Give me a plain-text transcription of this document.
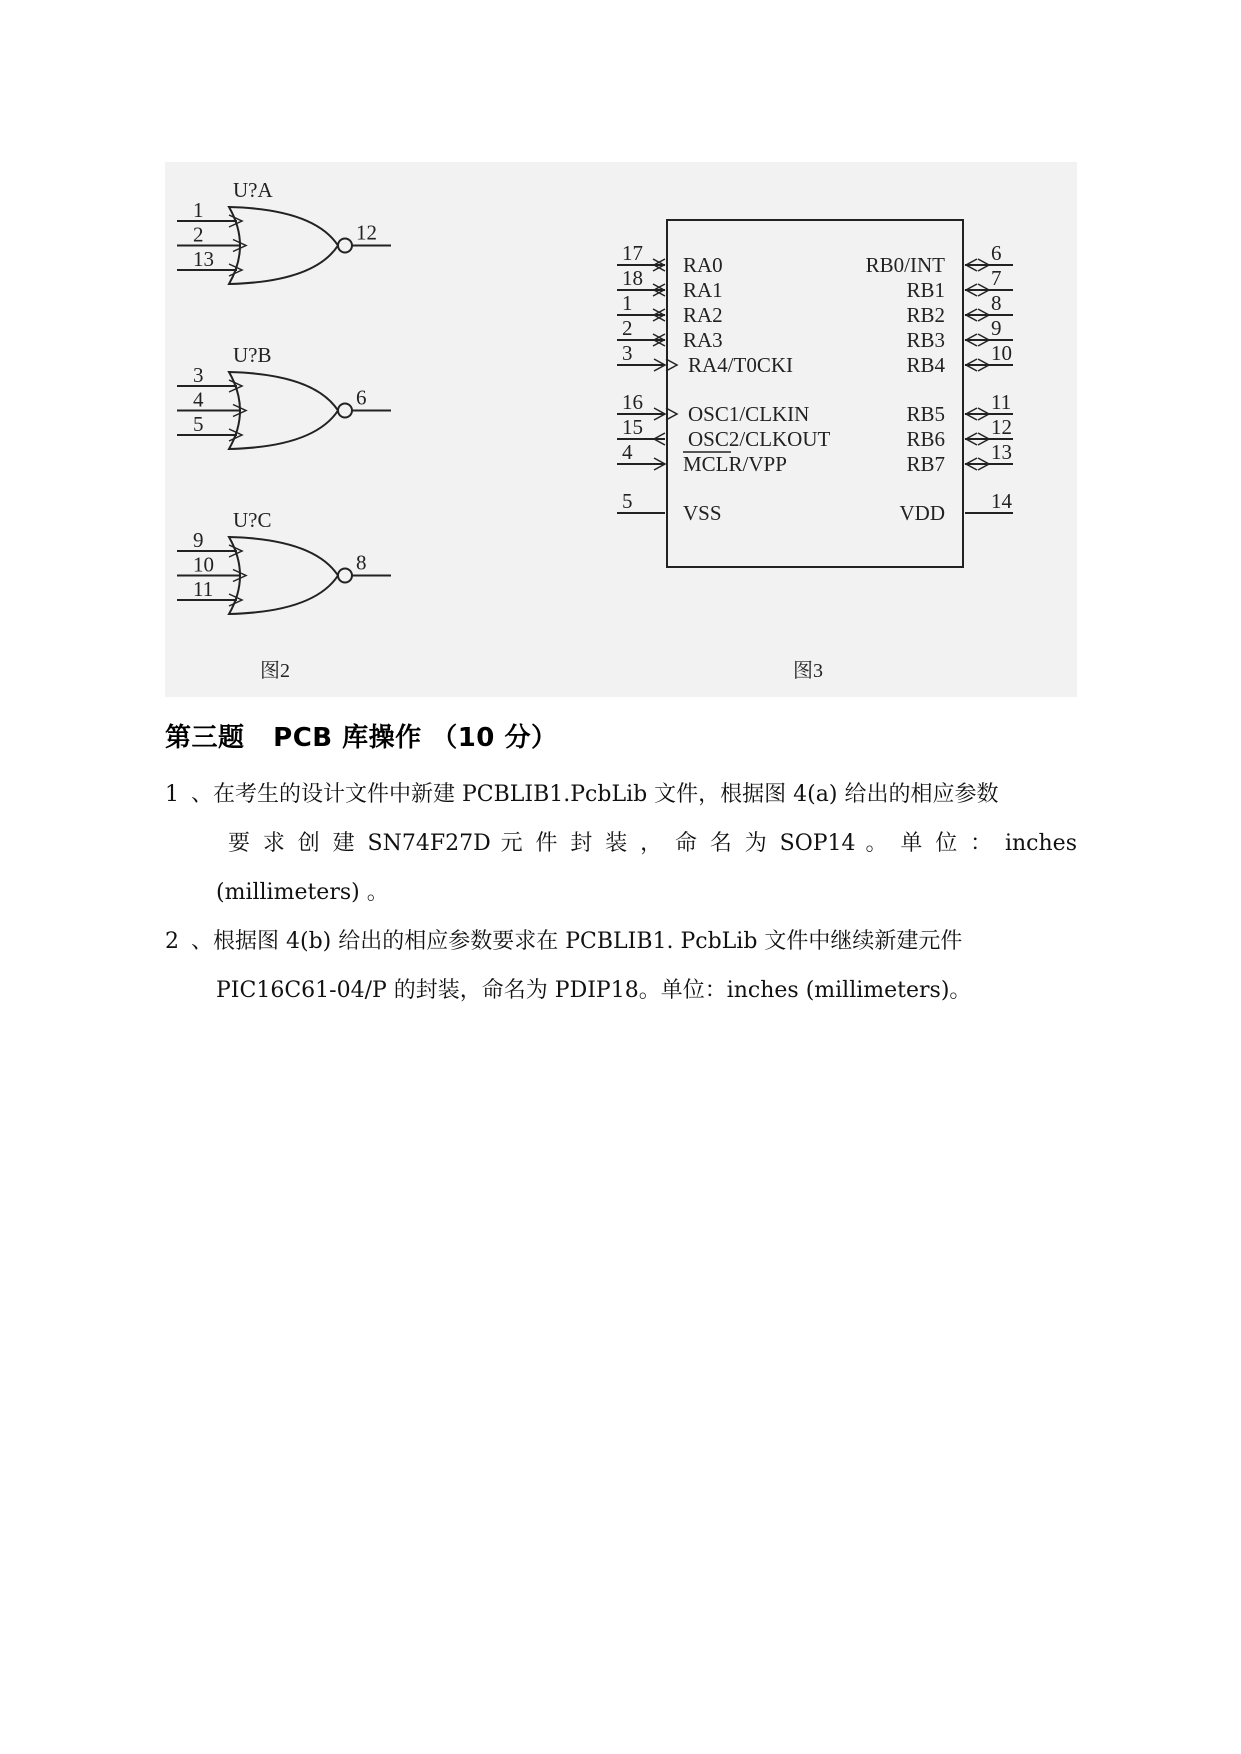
U?A
12
1
2
13
U?B
6
3
4
5
U?C
8
9
10
11
图2
17 RA0
18 RA1
1 RA2
2 RA3
3	RA4/T0CKI
16 OSC1/CLKIN
15 OSC2/CLKOUT
4 MCLR/VPP
5 VSS
6
RB0/INT
7
RB1
8
RB2
9
RB3
10
RB4
11
RB5
12
RB6
13
RB7
14
VDD
图3
第三题   PCB 库操作 （10 分）
1 、在考生的设计文件中新建 PCBLIB1.PcbLib 文件，根据图 4(a) 给出的相应参数
要 求 创 建 SN74F27D 元 件 封 装 ， 命 名 为 SOP14 。 单 位 ： inches
(millimeters) 。
2 、根据图 4(b) 给出的相应参数要求在 PCBLIB1. PcbLib 文件中继续新建元件
PIC16C61-04/P 的封装，命名为 PDIP18。单位：inches (millimeters)。
